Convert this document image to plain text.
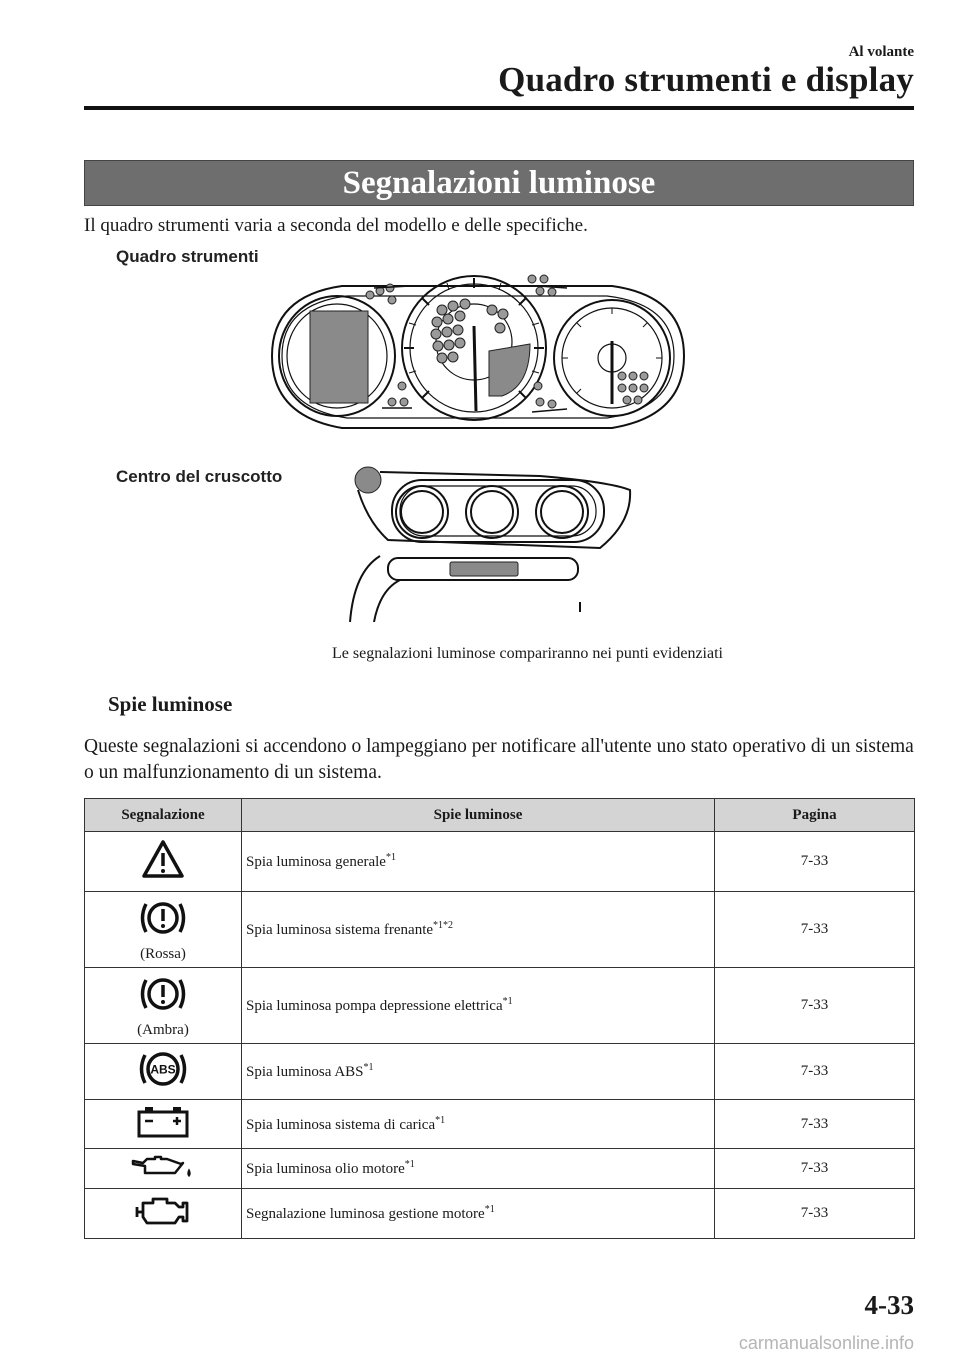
Al volante
Quadro strumenti e display
Segnalazioni luminose
Il quadro strumenti varia a seconda del modello e delle specifiche.
Quadro strumenti
Centro del cruscotto
Le segnalazioni luminose compariranno nei punti evidenziati
Spie luminose
Queste segnalazioni si accendono o lampeggiano per notificare all'utente uno stato operativo di un sistema o un malfunzionamento di un sistema.
Segnalazione	Spie luminose	Pagina
	Spia luminosa generale$^{*1}$	7-33

(Rossa)	Spia luminosa sistema frenante$^{*1*2}$	7-33

(Ambra)	Spia luminosa pompa depressione elettrica$^{*1}$	7-33

ABS	Spia luminosa ABS$^{*1}$	7-33
	Spia luminosa sistema di carica$^{*1}$	7-33
	Spia luminosa olio motore$^{*1}$	7-33
	Segnalazione luminosa gestione motore$^{*1}$	7-33
4-33
carmanualsonline.info
